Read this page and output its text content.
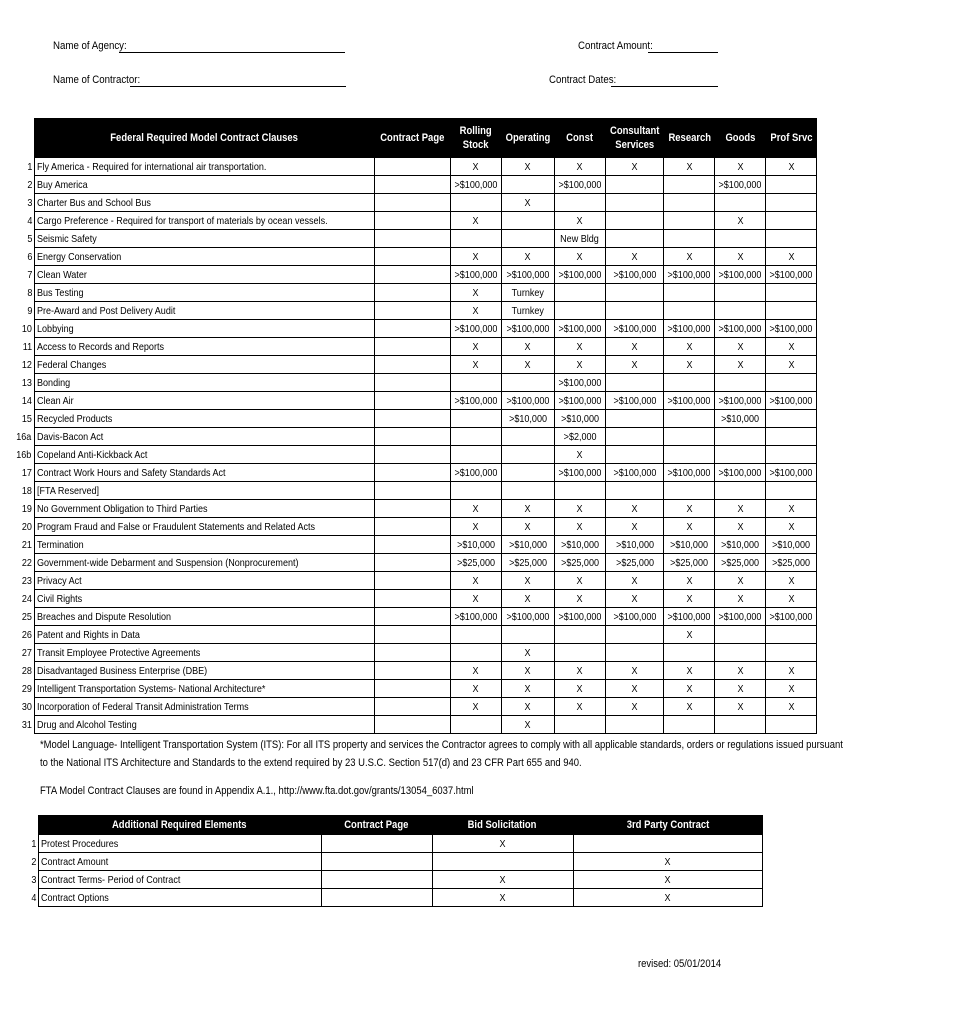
Name of Agency:	Contract Amount:
Name of Contractor:	Contract Dates:
	Federal Required Model Contract Clauses	Contract Page	Rolling
Stock	Operating	Const	Consultant
Services	Research	Goods	Prof Srvc
1	Fly America - Required for international air transportation.		X	X	X	X	X	X	X
2	Buy America		>$100,000		>$100,000			>$100,000	
3	Charter Bus and School Bus			X					
4	Cargo Preference - Required for transport of materials by ocean vessels.		X		X			X	
5	Seismic Safety				New Bldg				
6	Energy Conservation		X	X	X	X	X	X	X
7	Clean Water		>$100,000	>$100,000	>$100,000	>$100,000	>$100,000	>$100,000	>$100,000
8	Bus Testing		X	Turnkey					
9	Pre-Award and Post Delivery Audit		X	Turnkey					
10	Lobbying		>$100,000	>$100,000	>$100,000	>$100,000	>$100,000	>$100,000	>$100,000
11	Access to Records and Reports		X	X	X	X	X	X	X
12	Federal Changes		X	X	X	X	X	X	X
13	Bonding				>$100,000				
14	Clean Air		>$100,000	>$100,000	>$100,000	>$100,000	>$100,000	>$100,000	>$100,000
15	Recycled Products			>$10,000	>$10,000			>$10,000	
16a	Davis-Bacon Act				>$2,000				
16b	Copeland Anti-Kickback Act				X				
17	Contract Work Hours and Safety Standards Act		>$100,000		>$100,000	>$100,000	>$100,000	>$100,000	>$100,000
18	[FTA Reserved]								
19	No Government Obligation to Third Parties		X	X	X	X	X	X	X
20	Program Fraud and False or Fraudulent Statements and Related Acts		X	X	X	X	X	X	X
21	Termination		>$10,000	>$10,000	>$10,000	>$10,000	>$10,000	>$10,000	>$10,000
22	Government-wide Debarment and Suspension (Nonprocurement)		>$25,000	>$25,000	>$25,000	>$25,000	>$25,000	>$25,000	>$25,000
23	Privacy Act		X	X	X	X	X	X	X
24	Civil Rights		X	X	X	X	X	X	X
25	Breaches and Dispute Resolution		>$100,000	>$100,000	>$100,000	>$100,000	>$100,000	>$100,000	>$100,000
26	Patent and Rights in Data						X		
27	Transit Employee Protective Agreements			X					
28	Disadvantaged Business Enterprise (DBE)		X	X	X	X	X	X	X
29	Intelligent Transportation Systems- National Architecture*		X	X	X	X	X	X	X
30	Incorporation of Federal Transit Administration Terms		X	X	X	X	X	X	X
31	Drug and Alcohol Testing			X					
*Model Language- Intelligent Transportation System (ITS): For all ITS property and services the Contractor agrees to comply with all applicable standards, orders or regulations issued pursuant
to the National ITS Architecture and Standards to the extend required by 23 U.S.C. Section 517(d) and 23 CFR Part 655 and 940.
FTA Model Contract Clauses are found in Appendix A.1., http://www.fta.dot.gov/grants/13054_6037.html
	Additional Required Elements	Contract Page	Bid Solicitation	3rd Party Contract
1	Protest Procedures		X	
2	Contract Amount			X
3	Contract Terms- Period of Contract		X	X
4	Contract Options		X	X
revised: 05/01/2014
